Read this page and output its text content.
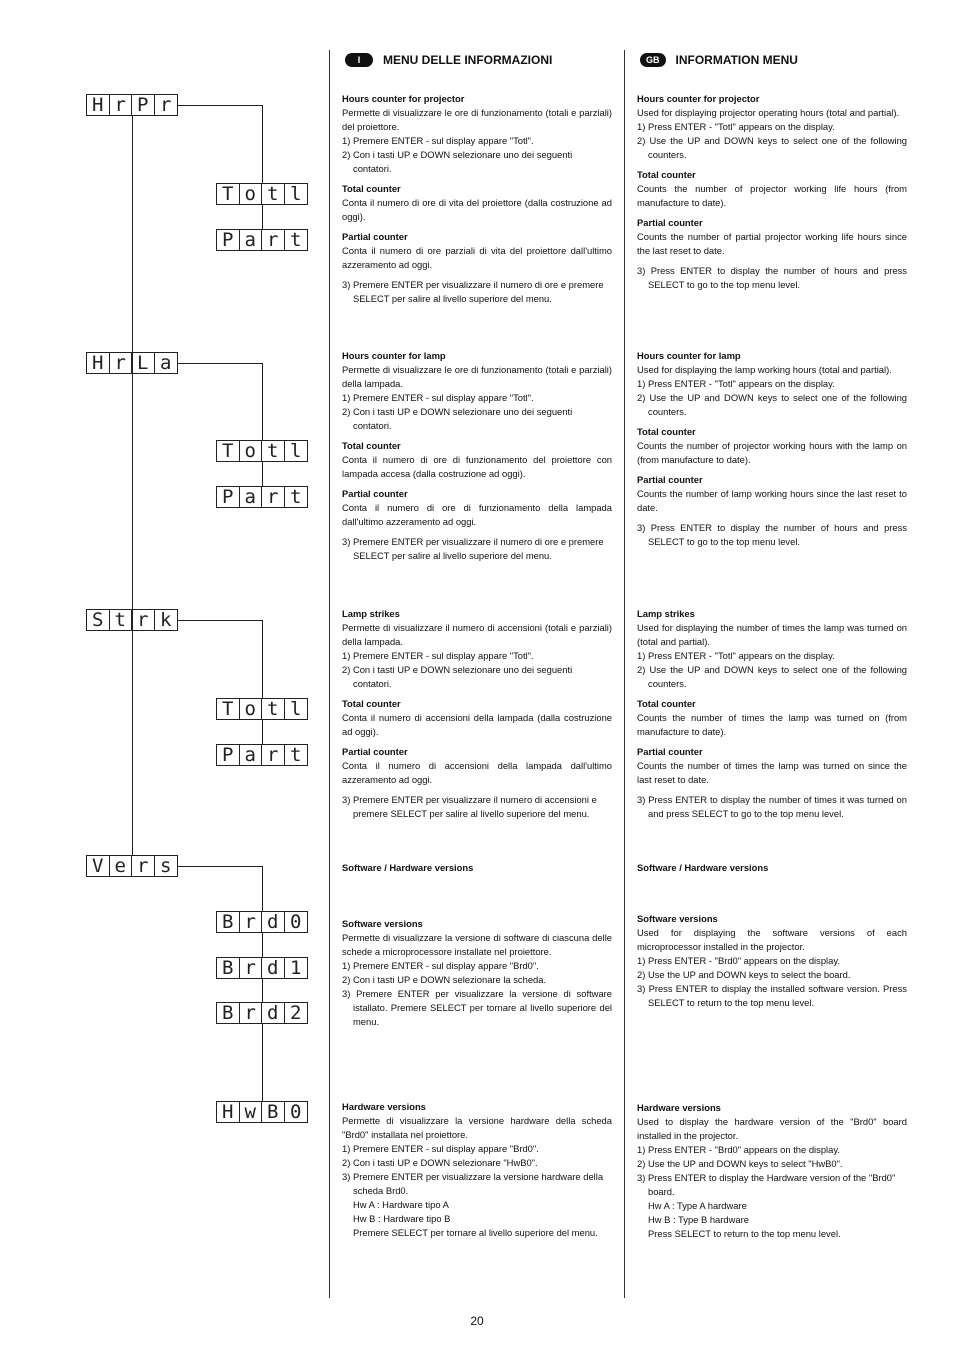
I	MENU DELLE INFORMAZIONI	GB	INFORMATION MENU
H r P r
T o t l
P a r t
H r L a
T o t l
P a r t
S t r k
T o t l
P a r t
V e r s
B r d 0
B r d 1
B r d 2
H w B 0

Hours counter for projector

Permette di visualizzare le ore di funzionamento (totali e parziali) del proiettore.

1) Premere ENTER - sul display appare "Totl".

2) Con i tasti UP e DOWN selezionare uno dei seguenti contatori.

Total counter

Conta il numero di ore di vita del proiettore (dalla costruzione ad oggi).

Partial counter

Conta il numero di ore parziali di vita del proiettore dall'ultimo azzeramento ad oggi.

3) Premere ENTER per visualizzare il numero di ore e premere SELECT per salire al livello superiore del menu.

Hours counter for lamp

Permette di visualizzare le ore di funzionamento (totali e parziali) della lampada.

1) Premere ENTER - sul display appare "Totl".

2) Con i tasti UP e DOWN selezionare uno dei seguenti contatori.

Total counter

Conta il numero di ore di funzionamento del proiettore con lampada accesa (dalla costruzione ad oggi).

Partial counter

Conta il numero di ore di funzionamento della lampada dall'ultimo azzeramento ad oggi.

3) Premere ENTER per visualizzare il numero di ore e premere SELECT per salire al livello superiore del menu.

Lamp strikes

Permette di visualizzare il numero di accensioni (totali e parziali) della lampada.

1) Premere ENTER - sul display appare "Totl".

2) Con i tasti UP e DOWN selezionare uno dei seguenti contatori.

Total counter

Conta il numero di accensioni della lampada (dalla costruzione ad oggi).

Partial counter

Conta il numero di accensioni della lampada dall'ultimo azzeramento ad oggi.

3) Premere ENTER per visualizzare il numero di accensioni e premere SELECT per salire al livello superiore del menu.

Software / Hardware versions

Software versions

Permette di visualizzare la versione di software di ciascuna delle schede a microprocessore installate nel proiettore.

1) Premere ENTER - sul display appare "Brd0".

2) Con i tasti UP e DOWN selezionare la scheda.

3) Premere ENTER per visualizzare la versione di software istallato. Premere SELECT per tornare al livello superiore del menu.

Hardware versions

Permette di visualizzare la versione hardware della scheda "Brd0" installata nel proiettore.

1) Premere ENTER - sul display appare "Brd0".

2) Con i tasti UP e DOWN selezionare "HwB0".

3) Premere ENTER per visualizzare la versione hardware della scheda Brd0.

Hw A : Hardware tipo A

Hw B : Hardware tipo B

Premere SELECT per tornare al livello superiore del menu.

Hours counter for projector

Used for displaying projector operating hours (total and partial).

1) Press ENTER - "Totl" appears on the display.

2) Use the UP and DOWN keys to select one of the following counters.

Total counter

Counts the number of projector working life hours (from manufacture to date).

Partial counter

Counts the number of partial projector working life hours since the last reset to date.

3) Press ENTER to display the number of hours and press SELECT to go to the top menu level.

Hours counter for lamp

Used for displaying the lamp working hours (total and partial).

1) Press ENTER - "Totl" appears on the display.

2) Use the UP and DOWN keys to select one of the following counters.

Total counter

Counts the number of projector working hours with the lamp on (from manufacture to date).

Partial counter

Counts the number of lamp working hours since the last reset to date.

3) Press ENTER to display the number of hours and press SELECT to go to the top menu level.

Lamp strikes

Used for displaying the number of times the lamp was turned on (total and partial).

1) Press ENTER - "Totl" appears on the display.

2) Use the UP and DOWN keys to select one of the following counters.

Total counter

Counts the number of times the lamp was turned on (from manufacture to date).

Partial counter

Counts the number of times the lamp was turned on since the last reset to date.

3) Press ENTER to display the number of times it was turned on and press SELECT to go to the top menu level.

Software / Hardware versions

Software versions

Used for displaying the software versions of each microprocessor installed in the projector.

1) Press ENTER - "Brd0" appears on the display.

2) Use the UP and DOWN keys to select the board.

3) Press ENTER to display the installed software version. Press SELECT to return to the top menu level.

Hardware versions

Used to display the hardware version of the "Brd0" board installed in the projector.

1) Press ENTER - "Brd0" appears on the display.

2) Use the UP and DOWN keys to select "HwB0".

3) Press ENTER to display the Hardware version of the "Brd0" board.

Hw A : Type A hardware

Hw B : Type B hardware

Press SELECT to return to the top menu level.

20
